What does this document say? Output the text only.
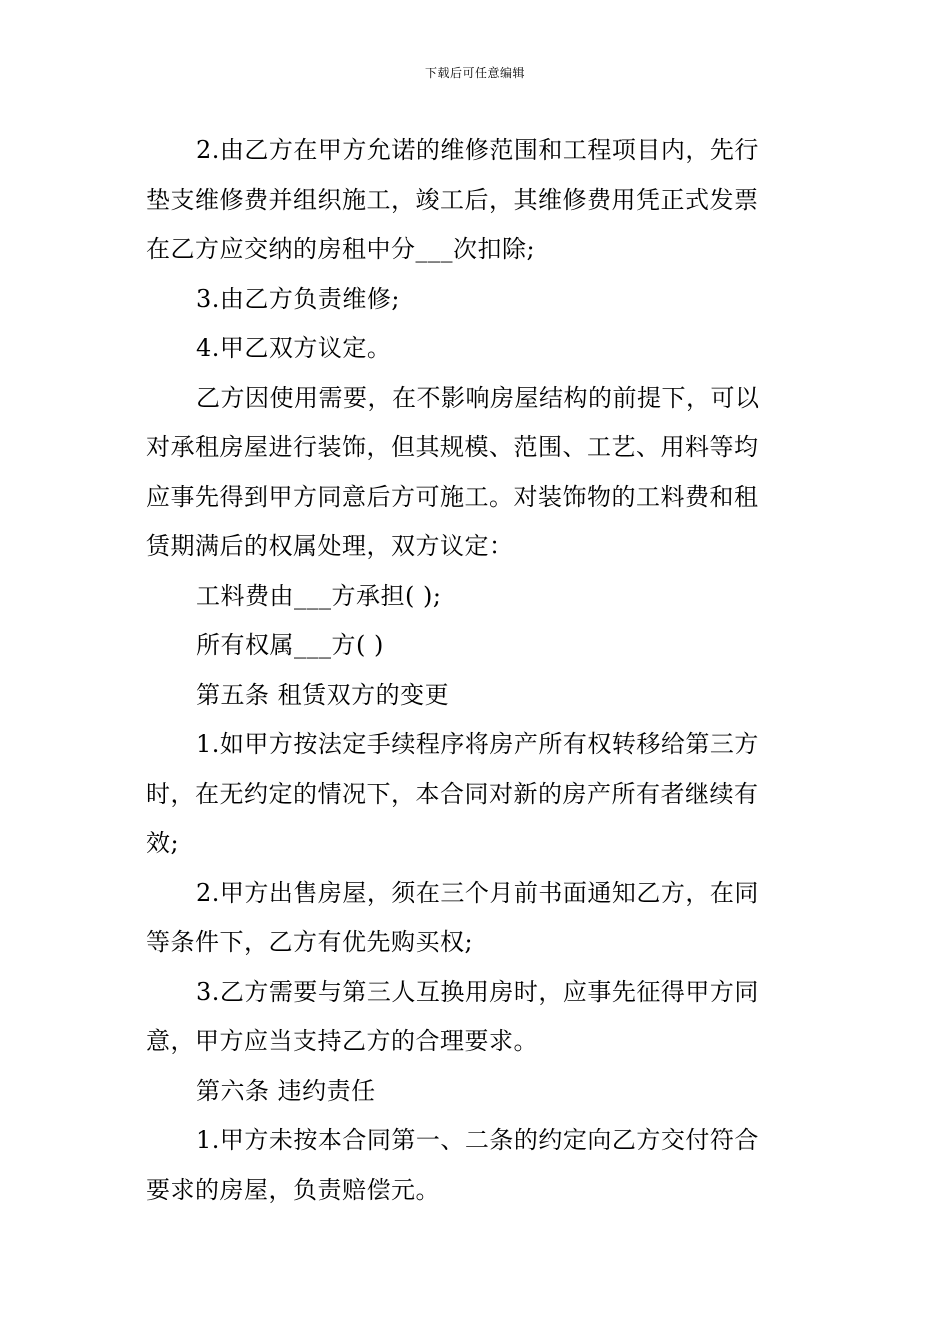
下载后可任意编辑
2.由乙方在甲方允诺的维修范围和工程项目内，先行
垫支维修费并组织施工，竣工后，其维修费用凭正式发票
在乙方应交纳的房租中分___次扣除;
3.由乙方负责维修;
4.甲乙双方议定。
乙方因使用需要，在不影响房屋结构的前提下，可以
对承租房屋进行装饰，但其规模、范围、工艺、用料等均
应事先得到甲方同意后方可施工。对装饰物的工料费和租
赁期满后的权属处理，双方议定：
工料费由___方承担( );
所有权属___方( )
第五条 租赁双方的变更
1.如甲方按法定手续程序将房产所有权转移给第三方
时，在无约定的情况下，本合同对新的房产所有者继续有
效;
2.甲方出售房屋，须在三个月前书面通知乙方，在同
等条件下，乙方有优先购买权;
3.乙方需要与第三人互换用房时，应事先征得甲方同
意，甲方应当支持乙方的合理要求。
第六条 违约责任
1.甲方未按本合同第一、二条的约定向乙方交付符合
要求的房屋，负责赔偿元。
